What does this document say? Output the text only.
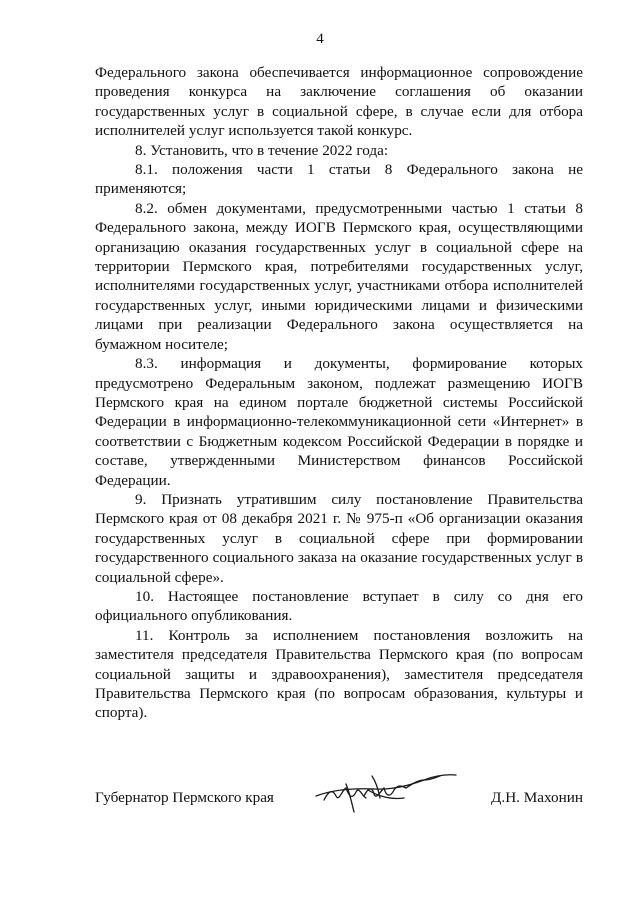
4

Федерального закона обеспечивается информационное сопровождение проведения конкурса на заключение соглашения об оказании государственных услуг в социальной сфере, в случае если для отбора исполнителей услуг используется такой конкурс.

8. Установить, что в течение 2022 года:

8.1. положения части 1 статьи 8 Федерального закона не применяются;

8.2. обмен документами, предусмотренными частью 1 статьи 8 Федерального закона, между ИОГВ Пермского края, осуществляющими организацию оказания государственных услуг в социальной сфере на территории Пермского края, потребителями государственных услуг, исполнителями государственных услуг, участниками отбора исполнителей государственных услуг, иными юридическими лицами и физическими лицами при реализации Федерального закона осуществляется на бумажном носителе;

8.3. информация и документы, формирование которых предусмотрено Федеральным законом, подлежат размещению ИОГВ Пермского края на едином портале бюджетной системы Российской Федерации в информационно-телекоммуникационной сети «Интернет» в соответствии с Бюджетным кодексом Российской Федерации в порядке и составе, утвержденными Министерством финансов Российской Федерации.

9. Признать утратившим силу постановление Правительства Пермского края от 08 декабря 2021 г. № 975-п «Об организации оказания государственных услуг в социальной сфере при формировании государственного социального заказа на оказание государственных услуг в социальной сфере».

10. Настоящее постановление вступает в силу со дня его официального опубликования.

11. Контроль за исполнением постановления возложить на заместителя председателя Правительства Пермского края (по вопросам социальной защиты и здравоохранения), заместителя председателя Правительства Пермского края (по вопросам образования, культуры и спорта).

Губернатор Пермского края	Д.Н. Махонин
